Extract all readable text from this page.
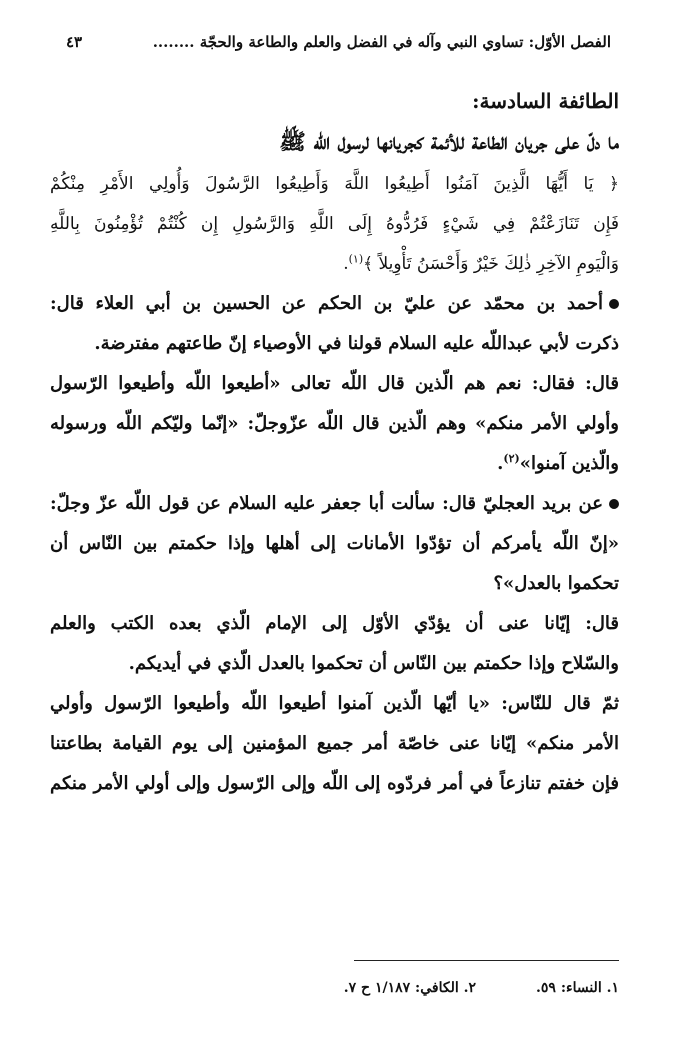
الفصل الأوّل: تساوي النبي وآله في الفضل والعلم والطاعة والحجّة ........
٤٣
الطائفة السادسة:
ما دلّ على جريان الطاعة للأئمة كجريانها لرسول اللّه ﷺ
﴿ يَا أَيُّهَا الَّذِينَ آمَنُوا أَطِيعُوا اللَّهَ وَأَطِيعُوا الرَّسُولَ وَأُولِي الأَمْرِ مِنْكُمْ
فَإِن تَنَازَعْتُمْ فِي شَيْءٍ فَرُدُّوهُ إِلَى اللَّهِ وَالرَّسُولِ إِن كُنْتُمْ تُؤْمِنُونَ بِاللَّهِ
وَالْيَومِ الآخِرِ ذٰلِكَ خَيْرٌ وَأَحْسَنُ تَأْوِيلاً ﴾$^{(١)}$.
أحمد بن محمّد عن عليّ بن الحكم عن الحسين بن أبي العلاء قال:
ذكرت لأبي عبداللّه عليه السلام قولنا في الأوصياء إنّ طاعتهم مفترضة.
قال: فقال: نعم هم الّذين قال اللّه تعالى «أطيعوا اللّه وأطيعوا الرّسول
وأولي الأمر منكم» وهم الّذين قال اللّه عزّوجلّ: «إنّما وليّكم اللّه ورسوله
والّذين آمنوا»$^{(٢)}$.
عن بريد العجليّ قال: سألت أبا جعفر عليه السلام عن قول اللّه عزّ وجلّ:
«إنّ اللّه يأمركم أن تؤدّوا الأمانات إلى أهلها وإذا حكمتم بين النّاس أن
تحكموا بالعدل»؟
قال: إيّانا عنى أن يؤدّي الأوّل إلى الإمام الّذي بعده الكتب والعلم
والسّلاح وإذا حكمتم بين النّاس أن تحكموا بالعدل الّذي في أيديكم.
ثمّ قال للنّاس: «يا أيّها الّذين آمنوا أطيعوا اللّه وأطيعوا الرّسول وأولي
الأمر منكم» إيّانا عنى خاصّة أمر جميع المؤمنين إلى يوم القيامة بطاعتنا
فإن خفتم تنازعاً في أمر فردّوه إلى اللّه وإلى الرّسول وإلى أولي الأمر منكم
١. النساء: ٥٩.
٢. الكافي: ١/١٨٧ ح ٧.
